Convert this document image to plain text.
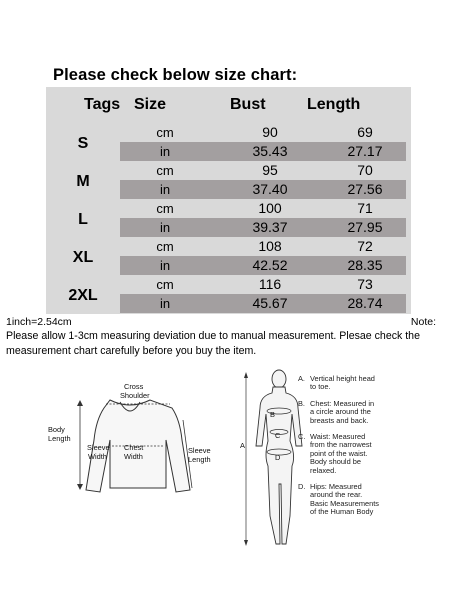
Please check below size chart:
Tags Size	Bust	Length
S
cm	90	69
in	35.43	27.17
M
cm	95	70
in	37.40	27.56
L
cm	100	71
in	39.37	27.95
XL
cm	108	72
in	42.52	28.35
2XL
cm	116	73
in	45.67	28.74
1inch=2.54cm	Note:
Please allow 1-3cm measuring deviation due to manual measurement. Plesae check the measurement chart carefully before you buy the item.
Cross
Shoulder
Body
Length
Sleeve
Width
Chest
Width
Sleeve
Length
A
B
C
D
A. Vertical height head
to toe.
B. Chest: Measured in
a circle around the
breasts and back.
C. Waist: Measured
from the narrowest
point of the waist.
Body should be
relaxed.
D. Hips: Measured
around the rear.
Basic Measurements
of the Human Body
